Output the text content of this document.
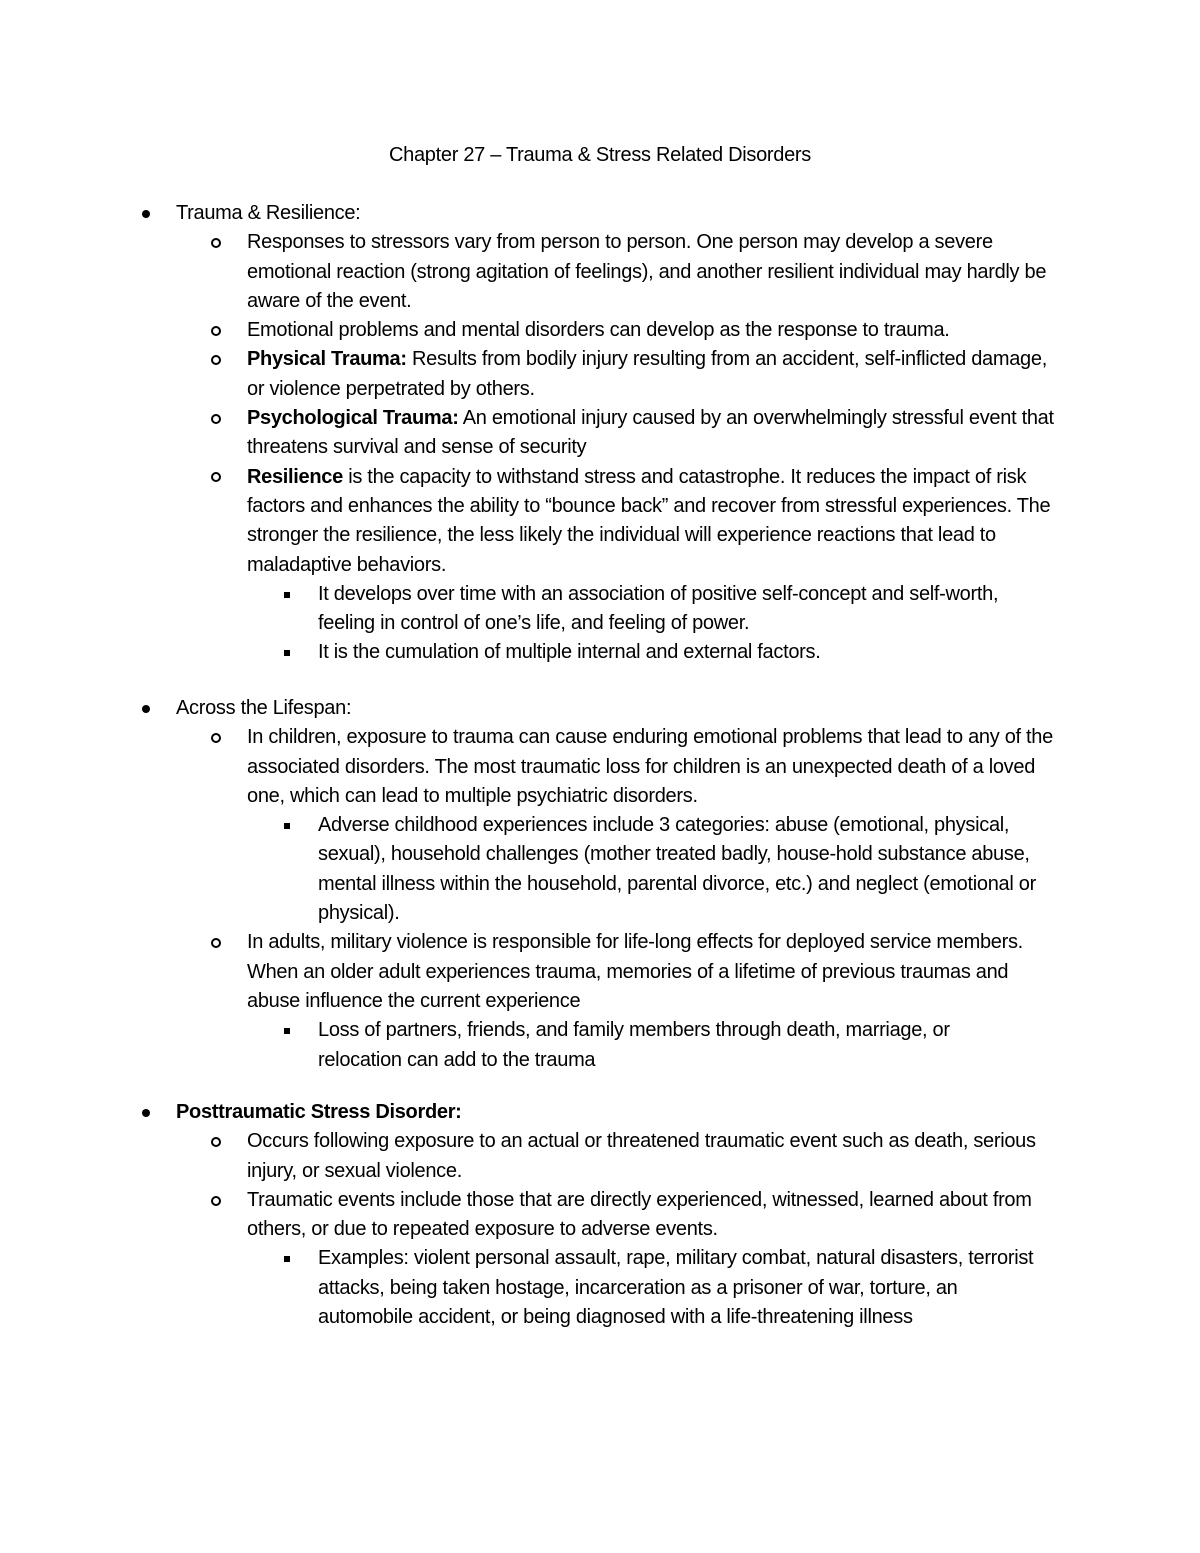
Chapter 27 – Trauma & Stress Related Disorders
Trauma & Resilience:
Responses to stressors vary from person to person. One person may develop a severe emotional reaction (strong agitation of feelings), and another resilient individual may hardly be aware of the event.
Emotional problems and mental disorders can develop as the response to trauma.
Physical Trauma: Results from bodily injury resulting from an accident, self-inflicted damage, or violence perpetrated by others.
Psychological Trauma: An emotional injury caused by an overwhelmingly stressful event that threatens survival and sense of security
Resilience is the capacity to withstand stress and catastrophe. It reduces the impact of risk factors and enhances the ability to “bounce back” and recover from stressful experiences. The stronger the resilience, the less likely the individual will experience reactions that lead to maladaptive behaviors.
It develops over time with an association of positive self-concept and self-worth, feeling in control of one’s life, and feeling of power.
It is the cumulation of multiple internal and external factors.
Across the Lifespan:
In children, exposure to trauma can cause enduring emotional problems that lead to any of the associated disorders. The most traumatic loss for children is an unexpected death of a loved one, which can lead to multiple psychiatric disorders.
Adverse childhood experiences include 3 categories: abuse (emotional, physical, sexual), household challenges (mother treated badly, house-hold substance abuse, mental illness within the household, parental divorce, etc.) and neglect (emotional or physical).
In adults, military violence is responsible for life-long effects for deployed service members. When an older adult experiences trauma, memories of a lifetime of previous traumas and abuse influence the current experience
Loss of partners, friends, and family members through death, marriage, or relocation can add to the trauma
Posttraumatic Stress Disorder:
Occurs following exposure to an actual or threatened traumatic event such as death, serious injury, or sexual violence.
Traumatic events include those that are directly experienced, witnessed, learned about from others, or due to repeated exposure to adverse events.
Examples: violent personal assault, rape, military combat, natural disasters, terrorist attacks, being taken hostage, incarceration as a prisoner of war, torture, an automobile accident, or being diagnosed with a life-threatening illness
